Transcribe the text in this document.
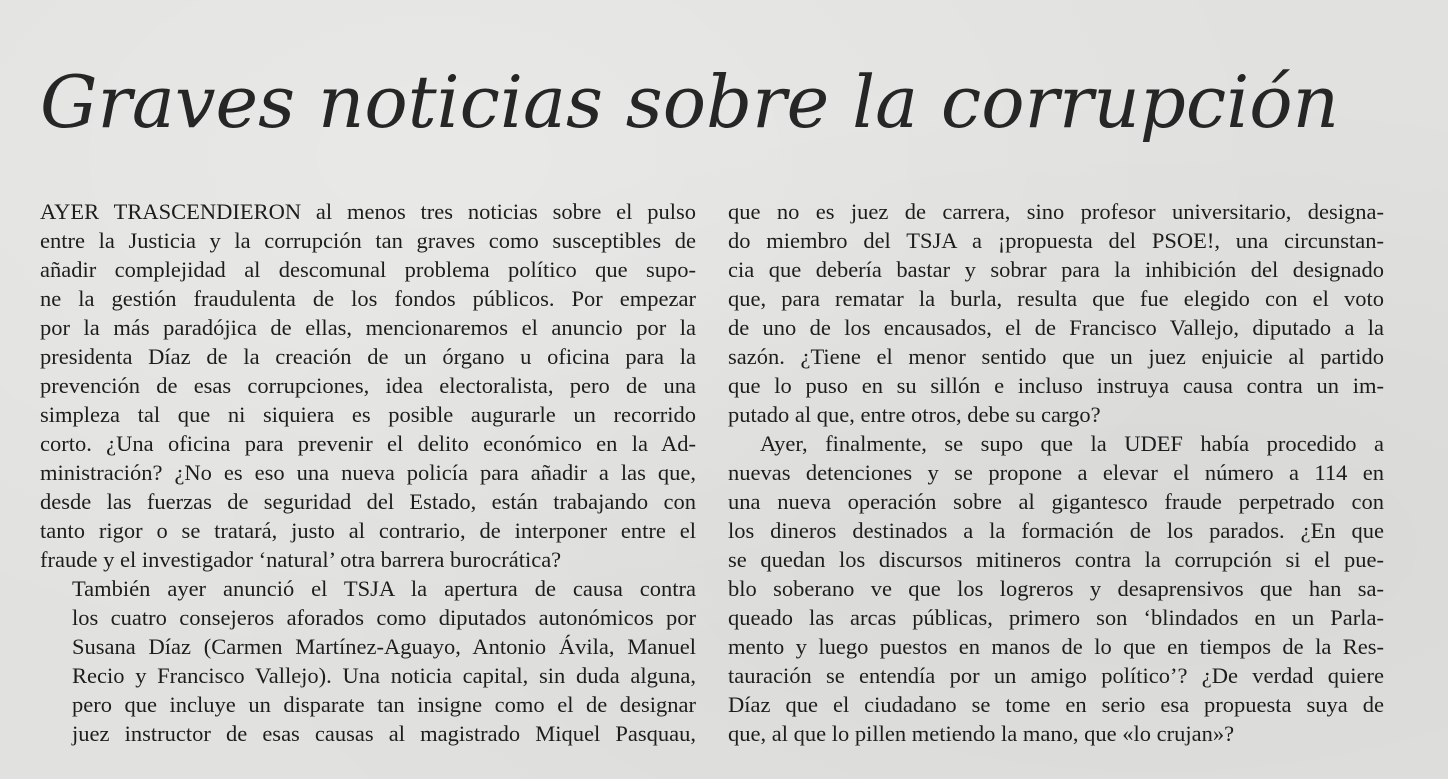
Graves noticias sobre la corrupción

AYER TRASCENDIERON al menos tres noticias sobre el pulso
entre la Justicia y la corrupción tan graves como susceptibles de
añadir complejidad al descomunal problema político que supo-
ne la gestión fraudulenta de los fondos públicos. Por empezar
por la más paradójica de ellas, mencionaremos el anuncio por la
presidenta Díaz de la creación de un órgano u oficina para la
prevención de esas corrupciones, idea electoralista, pero de una
simpleza tal que ni siquiera es posible augurarle un recorrido
corto. ¿Una oficina para prevenir el delito económico en la Ad-
ministración? ¿No es eso una nueva policía para añadir a las que,
desde las fuerzas de seguridad del Estado, están trabajando con
tanto rigor o se tratará, justo al contrario, de interponer entre el
fraude y el investigador ‘natural’ otra barrera burocrática?

También ayer anunció el TSJA la apertura de causa contra
los cuatro consejeros aforados como diputados autonómicos por
Susana Díaz (Carmen Martínez-Aguayo, Antonio Ávila, Manuel
Recio y Francisco Vallejo). Una noticia capital, sin duda alguna,
pero que incluye un disparate tan insigne como el de designar
juez instructor de esas causas al magistrado Miquel Pasquau,

que no es juez de carrera, sino profesor universitario, designa-
do miembro del TSJA a ¡propuesta del PSOE!, una circunstan-
cia que debería bastar y sobrar para la inhibición del designado
que, para rematar la burla, resulta que fue elegido con el voto
de uno de los encausados, el de Francisco Vallejo, diputado a la
sazón. ¿Tiene el menor sentido que un juez enjuicie al partido
que lo puso en su sillón e incluso instruya causa contra un im-
putado al que, entre otros, debe su cargo?

Ayer, finalmente, se supo que la UDEF había procedido a
nuevas detenciones y se propone a elevar el número a 114 en
una nueva operación sobre al gigantesco fraude perpetrado con
los dineros destinados a la formación de los parados. ¿En que
se quedan los discursos mitineros contra la corrupción si el pue-
blo soberano ve que los logreros y desaprensivos que han sa-
queado las arcas públicas, primero son ‘blindados en un Parla-
mento y luego puestos en manos de lo que en tiempos de la Res-
tauración se entendía por un amigo político’? ¿De verdad quiere
Díaz que el ciudadano se tome en serio esa propuesta suya de
que, al que lo pillen metiendo la mano, que «lo crujan»?
